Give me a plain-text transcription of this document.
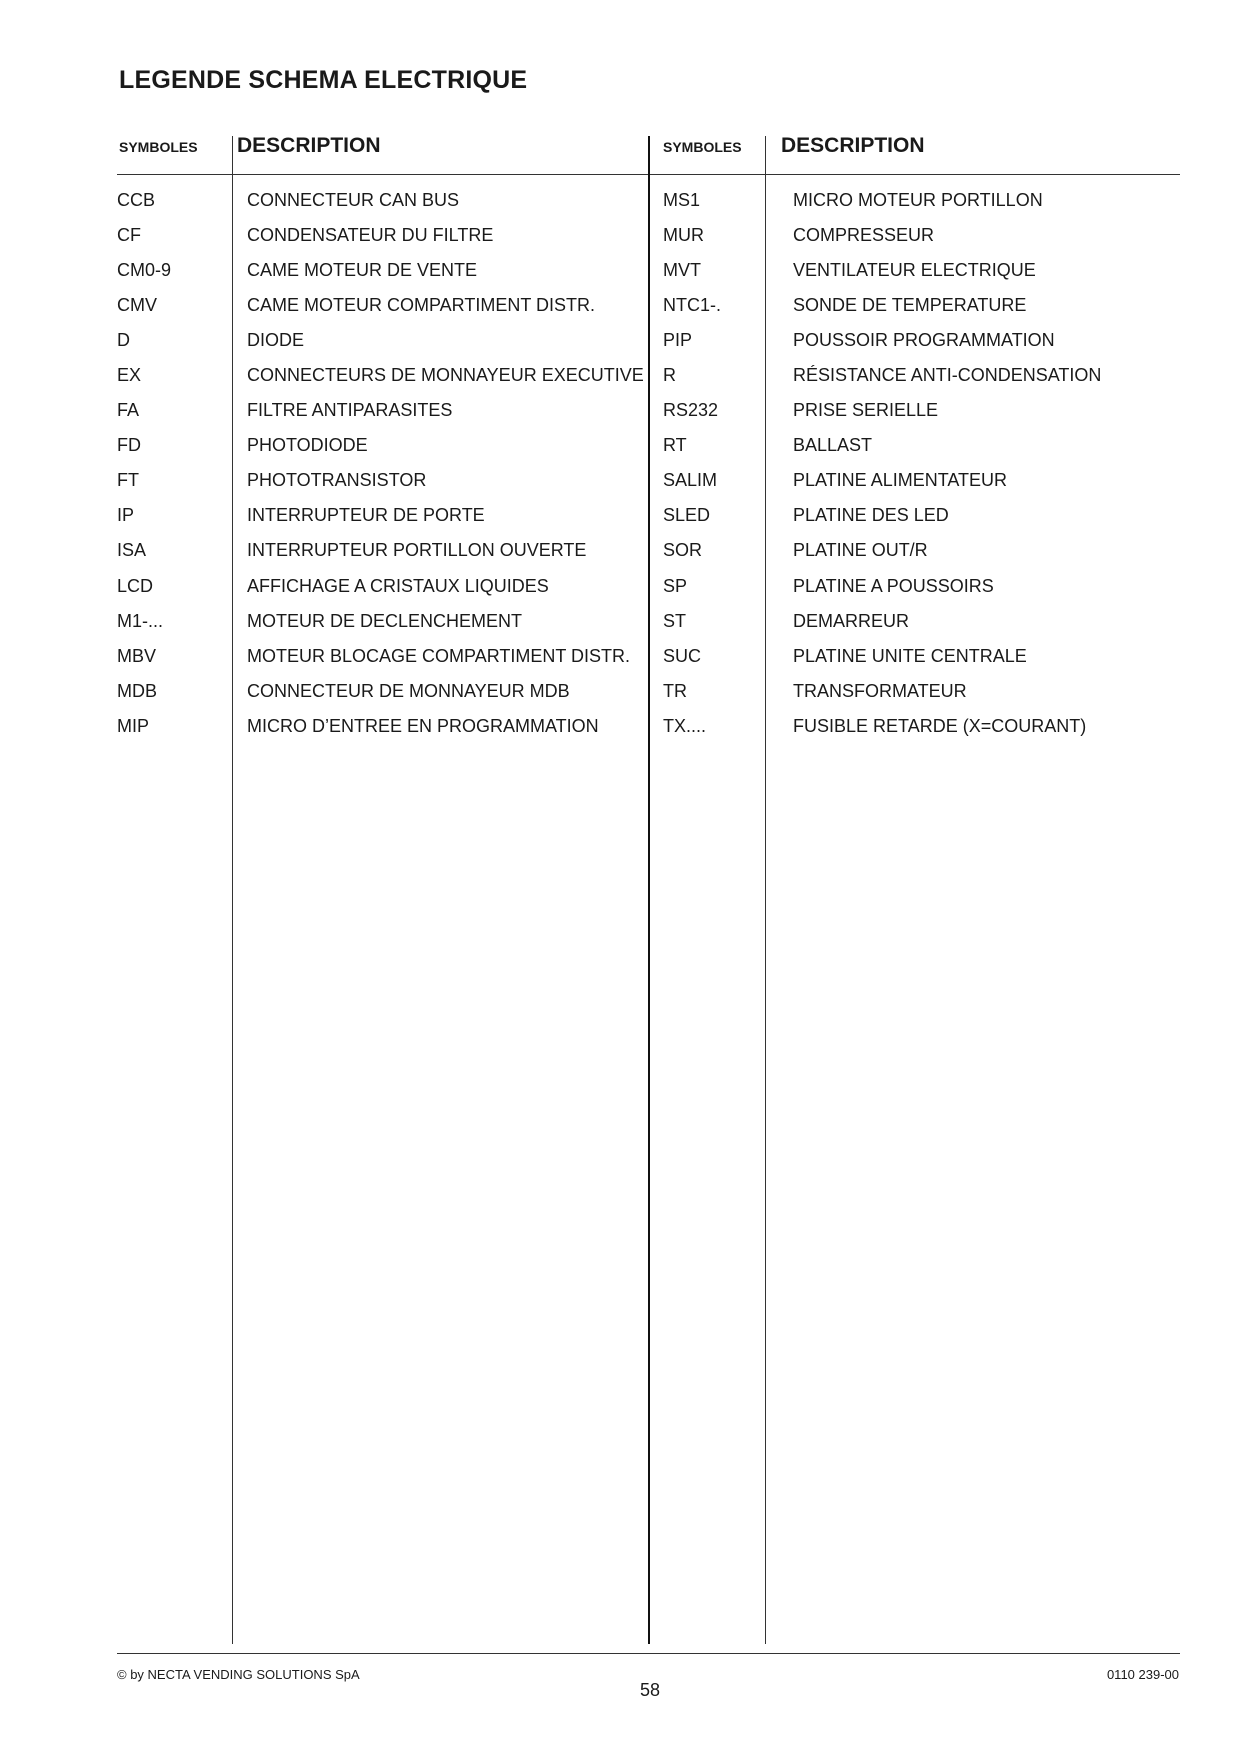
LEGENDE SCHEMA ELECTRIQUE
SYMBOLES DESCRIPTION	SYMBOLES DESCRIPTION
CCB
CF
CM0-9
CMV
D
EX
FA
FD
FT
IP
ISA
LCD
M1-...
MBV
MDB
MIP
CONNECTEUR CAN BUS
CONDENSATEUR DU FILTRE
CAME MOTEUR DE VENTE
CAME MOTEUR COMPARTIMENT DISTR.
DIODE
CONNECTEURS DE MONNAYEUR EXECUTIVE
FILTRE ANTIPARASITES
PHOTODIODE
PHOTOTRANSISTOR
INTERRUPTEUR DE PORTE
INTERRUPTEUR PORTILLON OUVERTE
AFFICHAGE A CRISTAUX LIQUIDES
MOTEUR DE DECLENCHEMENT
MOTEUR BLOCAGE COMPARTIMENT DISTR.
CONNECTEUR DE MONNAYEUR MDB
MICRO D’ENTREE EN PROGRAMMATION
MS1
MUR
MVT
NTC1-.
PIP
R
RS232
RT
SALIM
SLED
SOR
SP
ST
SUC
TR
TX....
MICRO MOTEUR PORTILLON
COMPRESSEUR
VENTILATEUR ELECTRIQUE
SONDE DE TEMPERATURE
POUSSOIR PROGRAMMATION
RÉSISTANCE ANTI-CONDENSATION
PRISE SERIELLE
BALLAST
PLATINE ALIMENTATEUR
PLATINE DES LED
PLATINE OUT/R
PLATINE A POUSSOIRS
DEMARREUR
PLATINE UNITE CENTRALE
TRANSFORMATEUR
FUSIBLE RETARDE (X=COURANT)
© by NECTA VENDING SOLUTIONS SpA	0110 239-00
58
